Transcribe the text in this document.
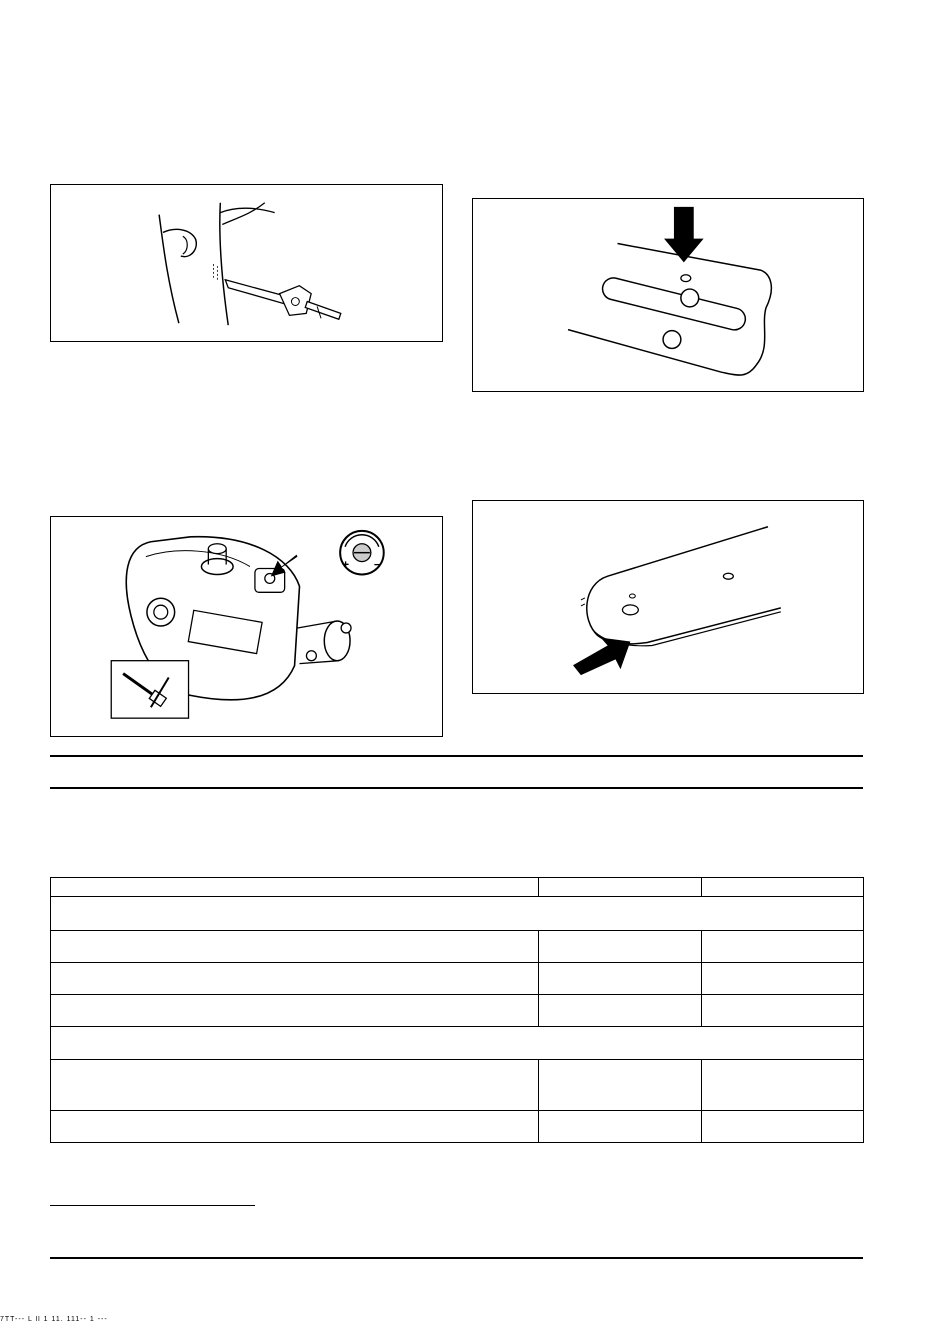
+ −

7TT--- L ll 1 11. 111-- 1 ---
